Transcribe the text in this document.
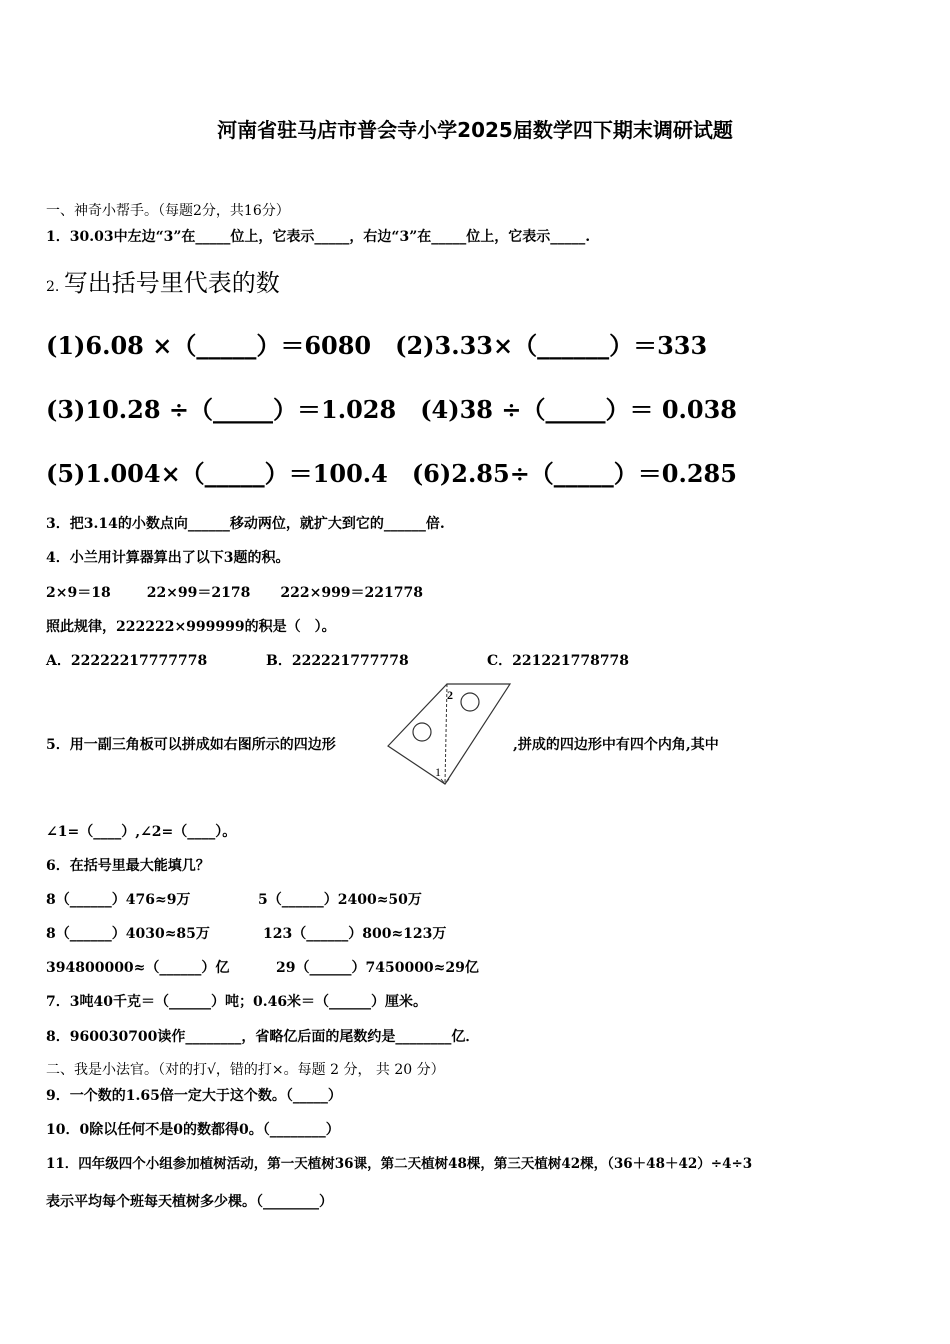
河南省驻马店市普会寺小学2025届数学四下期末调研试题
一、神奇小帮手。（每题2分，共16分）
1．30.03中左边“3”在_____位上，它表示_____，右边“3”在_____位上，它表示_____.
2. 写出括号里代表的数
(1)6.08 ×（_____）＝6080 (2)3.33×（______）＝333
(3)10.28 ÷（_____）＝1.028 (4)38 ÷（_____）＝ 0.038
(5)1.004×（_____）＝100.4 (6)2.85÷（_____）＝0.285
3．把3.14的小数点向______移动两位，就扩大到它的______倍.
4．小兰用计算器算出了以下3题的积。
2×9＝18	22×99＝2178 222×999＝221778
照此规律，222222×999999的积是（　）。
A．22222217777778	B．222221777778	C．221221778778
5．用一副三角板可以拼成如右图所示的四边形	,拼成的四边形中有四个内角,其中
1
2
∠1=（____）,∠2=（____）。
6．在括号里最大能填几？
8（______）476≈9万	5（______）2400≈50万
8（______）4030≈85万	123（______）800≈123万
394800000≈（______）亿	29（______）7450000≈29亿
7．3吨40千克＝（______）吨；0.46米＝（______）厘米。
8．960030700读作________，省略亿后面的尾数约是________亿．
二、我是小法官。（对的打√，错的打×。每题 2 分， 共 20 分）
9．一个数的1.65倍一定大于这个数。（_____）
10．0除以任何不是0的数都得0。（________）
11．四年级四个小组参加植树活动，第一天植树36课，第二天植树48棵，第三天植树42棵，（36＋48＋42）÷4÷3
表示平均每个班每天植树多少棵。（________）
